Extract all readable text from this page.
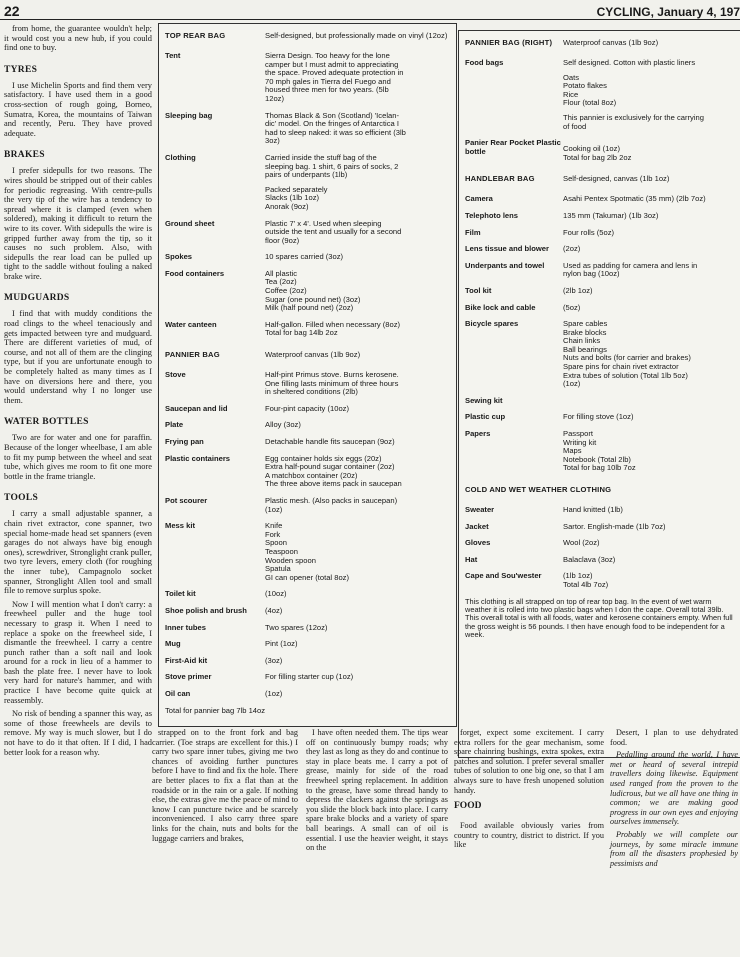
22	CYCLING, January 4, 197

from home, the guarantee wouldn't help; it would cost you a new hub, if you could find one to buy.

TYRES

I use Michelin Sports and find them very satisfactory. I have used them in a good cross-section of rough going, Borneo, Sumatra, Korea, the mountains of Taiwan and recently, Peru. They have proved adequate.

BRAKES

I prefer sidepulls for two reasons. The wires should be stripped out of their cables for periodic regreasing. With centre-pulls the very tip of the wire has a tendency to spread where it is clamped (even when soldered), making it difficult to return the wire to its cover. With sidepulls the wire is gripped further away from the tip, so it causes no such problem. Also, with sidepulls the rear load can be pulled up tight to the saddle without fouling a naked brake wire.

MUDGUARDS

I find that with muddy conditions the road clings to the wheel tenaciously and gets impacted between tyre and mudguard. There are different varieties of mud, of course, and not all of them are the clinging type, but if you are unfortunate enough to be completely halted as many times as I have on diversions here and there, you would understand why I no longer use them.

WATER BOTTLES

Two are for water and one for paraffin. Because of the longer wheelbase, I am able to fit my pump between the wheel and seat tube, which gives me room to fit one more bottle in the frame triangle.

TOOLS

I carry a small adjustable spanner, a chain rivet extractor, cone spanner, two special home-made head set spanners (even garages do not always have big enough ones), screwdriver, Stronglight crank puller, two tyre levers, emery cloth (for roughing the inner tube), Campagnolo socket spanner, Stronglight Allen tool and small file to remove surplus spoke.

Now I will mention what I don't carry: a freewheel puller and the huge tool necessary to grasp it. When I need to replace a spoke on the freewheel side, I dismantle the freewheel. I carry a centre punch rather than a soft nail and look around for a rock in lieu of a hammer to bash the plate free. I never have to look very hard for nature's hammer, and with practice I have become quite quick at reassembly.

No risk of bending a spanner this way, as some of those freewheels are devils to remove. My way is much slower, but I do not have to do it that often. If I did, I had better look for a reason why.

TOP REAR BAG	Self-designed, but professionally made on vinyl (12oz)
Tent	Sierra Design. Too heavy for the lone
camper but I must admit to appreciating
the space. Proved adequate protection in
70 mph gales in Tierra del Fuego and
housed three men for two years. (5lb
12oz)
Sleeping bag	Thomas Black & Son (Scotland) 'Icelan-
dic' model. On the fringes of Antarctica I
had to sleep naked: it was so efficient (3lb
3oz)
Clothing	Carried inside the stuff bag of the
sleeping bag. 1 shirt, 6 pairs of socks, 2
pairs of underpants (1lb)
Packed separately
Slacks (1lb 1oz)
Anorak (9oz)
Ground sheet	Plastic 7' x 4'. Used when sleeping
outside the tent and usually for a second
floor (9oz)
Spokes	10 spares carried (3oz)
Food containers	All plastic
Tea (2oz)
Coffee (2oz)
Sugar (one pound net) (3oz)
Milk (half pound net) (2oz)
Water canteen	Half-gallon. Filled when necessary (8oz)
Total for bag 14lb 2oz
PANNIER BAG	Waterproof canvas (1lb 9oz)
Stove	Half-pint Primus stove. Burns kerosene.
One filling lasts minimum of three hours
in sheltered conditions (2lb)
Saucepan and lid	Four-pint capacity (10oz)
Plate	Alloy (3oz)
Frying pan	Detachable handle fits saucepan (9oz)
Plastic containers	Egg container holds six eggs (20z)
Extra half-pound sugar container (2oz)
A matchbox container (20z)
The three above items pack in saucepan
Pot scourer	Plastic mesh. (Also packs in saucepan)
(1oz)
Mess kit	Knife
Fork
Spoon
Teaspoon
Wooden spoon
Spatula
GI can opener (total 8oz)
Toilet kit	(10oz)
Shoe polish and brush	(4oz)
Inner tubes	Two spares (12oz)
Mug	Pint (1oz)
First-Aid kit	(3oz)
Stove primer	For filling starter cup (1oz)
Oil can	(1oz)
Total for pannier bag 7lb 14oz
PANNIER BAG (RIGHT)	Waterproof canvas (1lb 9oz)
Food bags	Self designed. Cotton with plastic liners
Oats
Potato flakes
Rice
Flour (total 8oz)
This pannier is exclusively for the carrying
of food
Panier Rear Pocket Plastic bottle	Cooking oil (1oz)
Total for bag 2lb 2oz
HANDLEBAR BAG	Self-designed, canvas (1lb 1oz)
Camera	Asahi Pentex Spotmatic (35 mm) (2lb 7oz)
Telephoto lens	135 mm (Takumar) (1lb 3oz)
Film	Four rolls (5oz)
Lens tissue and blower	(2oz)
Underpants and towel	Used as padding for camera and lens in
nylon bag (10oz)
Tool kit	(2lb 1oz)
Bike lock and cable	(5oz)
Bicycle spares	Spare cables
Brake blocks
Chain links
Ball bearings
Nuts and bolts (for carrier and brakes)
Spare pins for chain rivet extractor
Extra tubes of solution (Total 1lb 5oz)
(1oz)
Sewing kit
Plastic cup	For filling stove (1oz)
Papers	Passport
Writing kit
Maps
Notebook (Total 2lb)
Total for bag 10lb 7oz
COLD AND WET WEATHER CLOTHING
Sweater	Hand knitted (1lb)
Jacket	Sartor. English-made (1lb 7oz)
Gloves	Wool (2oz)
Hat	Balaclava (3oz)
Cape and Sou'wester	(1lb 1oz)
Total 4lb 7oz)
This clothing is all strapped on top of rear top bag. In the event of wet warm weather it is rolled into two plastic bags when I don the cape. Overall total 39lb. This overall total is with all foods, water and kerosene containers empty. When full the gross weight is 56 pounds. I then have enough food to be independent for a week.

strapped on to the front fork and bag carrier. (Toe straps are excellent for this.) I carry two spare inner tubes, giving me two chances of avoiding further punctures before I have to find and fix the hole. There are better places to fix a flat than at the roadside or in the rain or a gale. If nothing else, the extras give me the peace of mind to know I can puncture twice and be scarcely inconvenienced. I also carry three spare links for the chain, nuts and bolts for the luggage carriers and brakes,

I have often needed them. The tips wear off on continuously bumpy roads; why they last as long as they do and continue to stay in place beats me. I carry a pot of grease, mainly for side of the road freewheel spring replacement. In addition to the grease, have some thread handy to depress the clackers against the springs as you slide the block back into place. I carry spare brake blocks and a variety of spare ball bearings. A small can of oil is essential. I use the heavier weight, it stays on the

forget, expect some excitement. I carry extra rollers for the gear mechanism, some spare chainring bushings, extra spokes, extra patches and solution. I prefer several smaller tubes of solution to one big one, so that I am always sure to have fresh unopened solution handy.

FOOD

Food available obviously varies from country to country, district to district. If you like

Desert, I plan to use dehydrated food.

Pedalling around the world, I have met or heard of several intrepid travellers doing likewise. Equipment used ranged from the proven to the ludicrous, but we all have one thing in common; we are making good progress in our own eyes and enjoying ourselves immensely.

Probably we will complete our journeys, by some miracle immune from all the disasters prophesied by pessimists and
